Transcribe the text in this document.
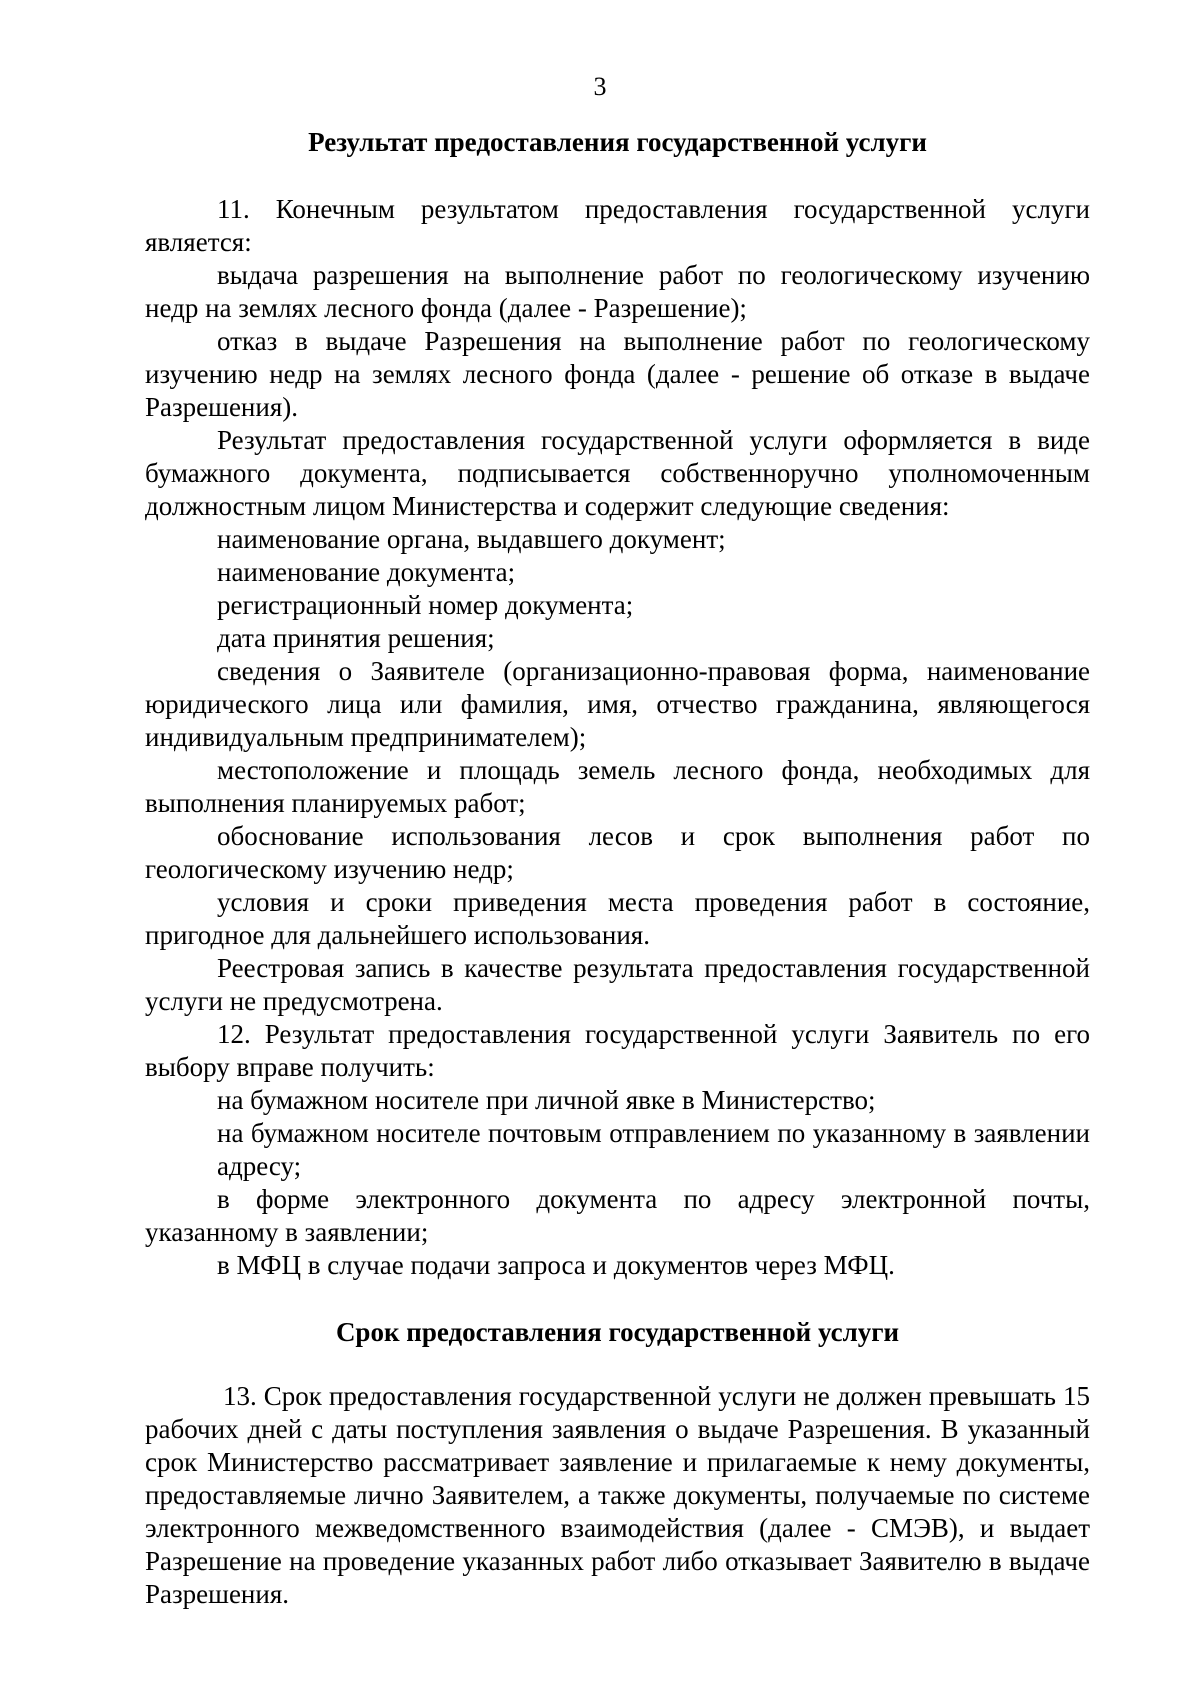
3
Результат предоставления государственной услуги

11. Конечным результатом предоставления государственной услуги является:

выдача разрешения на выполнение работ по геологическому изучению недр на землях лесного фонда (далее - Разрешение);

отказ в выдаче Разрешения на выполнение работ по геологическому изучению недр на землях лесного фонда (далее - решение об отказе в выдаче Разрешения).

Результат предоставления государственной услуги оформляется в виде бумажного документа, подписывается собственноручно уполномоченным должностным лицом Министерства и содержит следующие сведения:

наименование органа, выдавшего документ;

наименование документа;

регистрационный номер документа;

дата принятия решения;

сведения о Заявителе (организационно-правовая форма, наименование юридического лица или фамилия, имя, отчество гражданина, являющегося индивидуальным предпринимателем);

местоположение и площадь земель лесного фонда, необходимых для выполнения планируемых работ;

обоснование использования лесов и срок выполнения работ по геологическому изучению недр;

условия и сроки приведения места проведения работ в состояние, пригодное для дальнейшего использования.

Реестровая запись в качестве результата предоставления государственной услуги не предусмотрена.

12. Результат предоставления государственной услуги Заявитель по его выбору вправе получить:

на бумажном носителе при личной явке в Министерство;

на бумажном носителе почтовым отправлением по указанному в заявлении адресу;

в форме электронного документа по адресу электронной почты, указанному в заявлении;

в МФЦ в случае подачи запроса и документов через МФЦ.

Срок предоставления государственной услуги

13. Срок предоставления государственной услуги не должен превышать 15 рабочих дней с даты поступления заявления о выдаче Разрешения. В указанный срок Министерство рассматривает заявление и прилагаемые к нему документы, предоставляемые лично Заявителем, а также документы, получаемые по системе электронного межведомственного взаимодействия (далее - СМЭВ), и выдает Разрешение на проведение указанных работ либо отказывает Заявителю в выдаче Разрешения.
